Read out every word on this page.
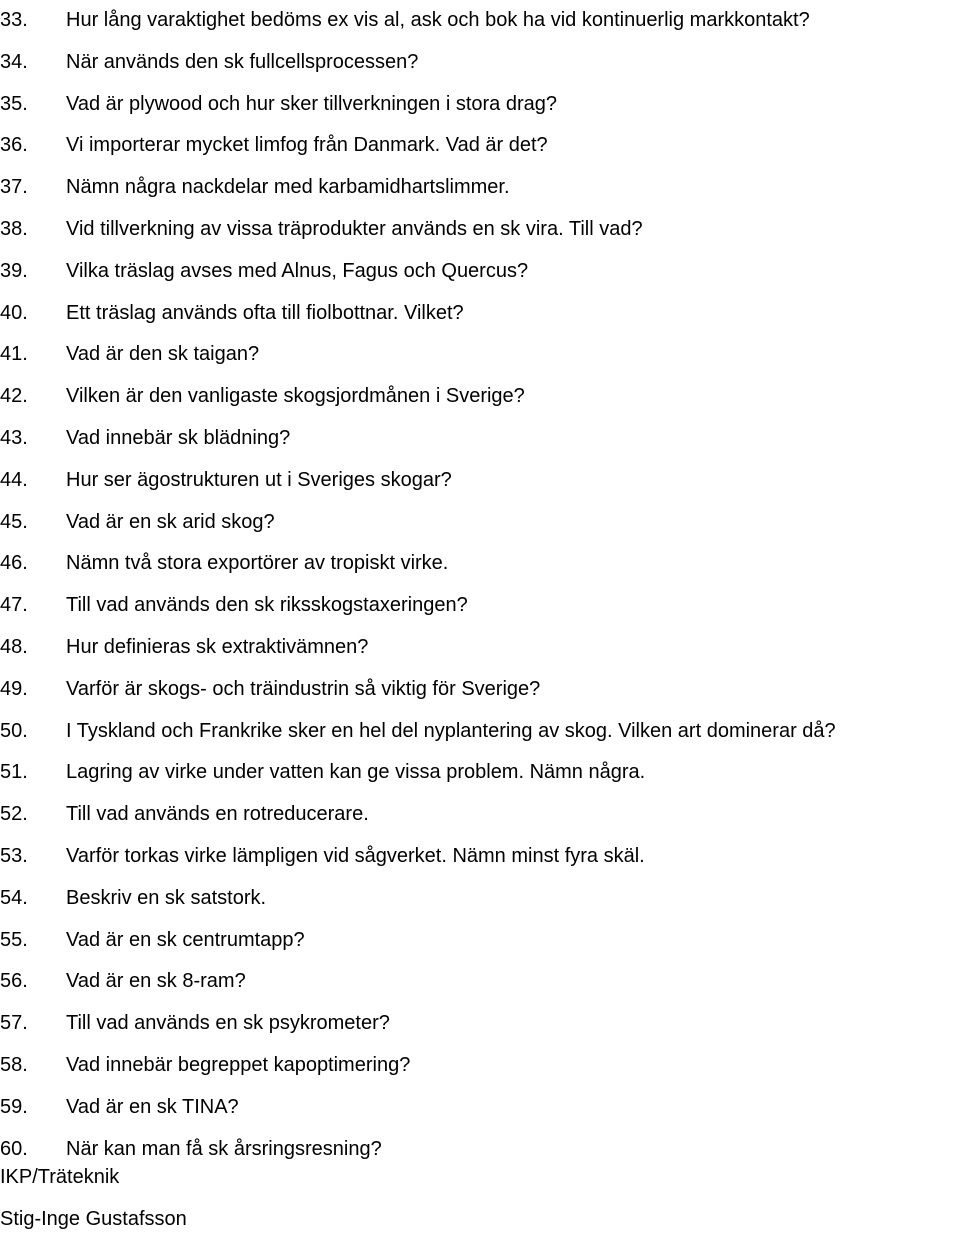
33. Hur lång varaktighet bedöms ex vis al, ask och bok ha vid kontinuerlig markkontakt?
34. När används den sk fullcellsprocessen?
35. Vad är plywood och hur sker tillverkningen i stora drag?
36. Vi importerar mycket limfog från Danmark. Vad är det?
37. Nämn några nackdelar med karbamidhartslimmer.
38. Vid tillverkning av vissa träprodukter används en sk vira. Till vad?
39. Vilka träslag avses med Alnus, Fagus och Quercus?
40. Ett träslag används ofta till fiolbottnar. Vilket?
41. Vad är den sk taigan?
42. Vilken är den vanligaste skogsjordmånen i Sverige?
43. Vad innebär sk blädning?
44. Hur ser ägostrukturen ut i Sveriges skogar?
45. Vad är en sk arid skog?
46. Nämn två stora exportörer av tropiskt virke.
47. Till vad används den sk riksskogstaxeringen?
48. Hur definieras sk extraktivämnen?
49. Varför är skogs- och träindustrin så viktig för Sverige?
50. I Tyskland och Frankrike sker en hel del nyplantering av skog. Vilken art dominerar då?
51. Lagring av virke under vatten kan ge vissa problem. Nämn några.
52. Till vad används en rotreducerare.
53. Varför torkas virke lämpligen vid sågverket. Nämn minst fyra skäl.
54. Beskriv en sk satstork.
55. Vad är en sk centrumtapp?
56. Vad är en sk 8-ram?
57. Till vad används en sk psykrometer?
58. Vad innebär begreppet kapoptimering?
59. Vad är en sk TINA?
60. När kan man få sk årsringsresning?
IKP/Träteknik
Stig-Inge Gustafsson
